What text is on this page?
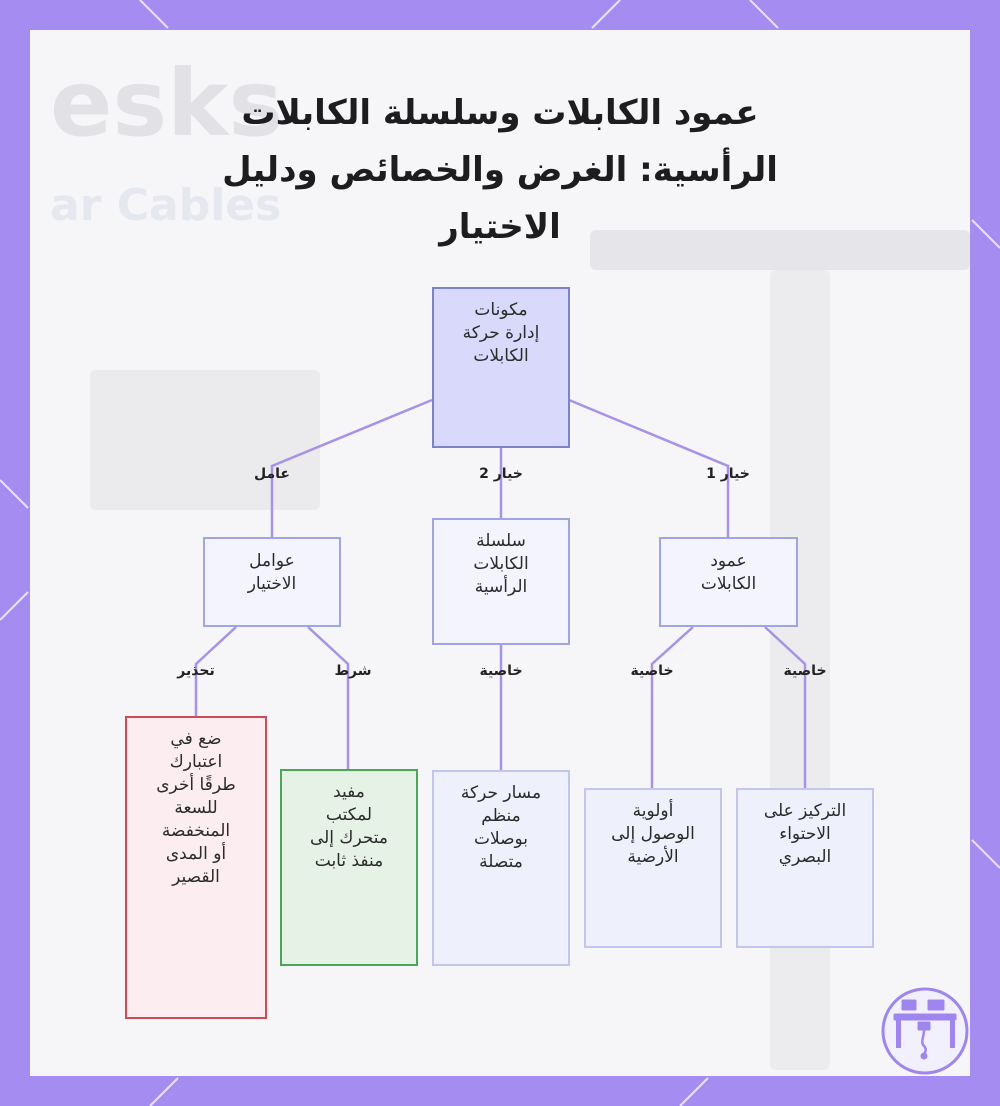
esks
ar Cables
عمود الكابلات وسلسلة الكابلات
الرأسية: الغرض والخصائص ودليل
الاختيار
خيار 1
خيار 2
عامل
خاصية
خاصية
خاصية
شرط
تحذير
مكونات
إدارة حركة
الكابلات
عمود
الكابلات
سلسلة
الكابلات
الرأسية
عوامل
الاختيار
التركيز على
الاحتواء
البصري
أولوية
الوصول إلى
الأرضية
مسار حركة
منظم
بوصلات
متصلة
مفيد
لمكتب
متحرك إلى
منفذ ثابت
ضع في
اعتبارك
طرقًا أخرى
للسعة
المنخفضة
أو المدى
القصير
